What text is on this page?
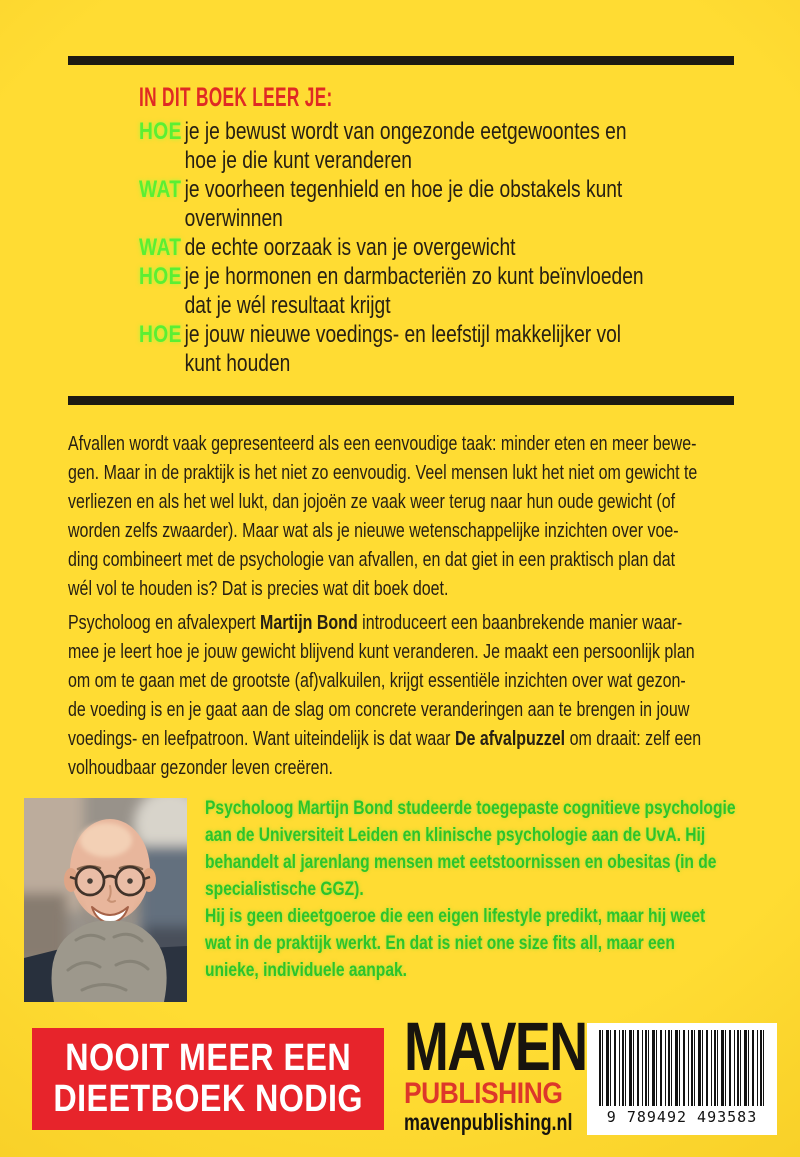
IN DIT BOEK LEER JE:
HOE je je bewust wordt van ongezonde eetgewoontes en
hoe je die kunt veranderen
WAT je voorheen tegenhield en hoe je die obstakels kunt
overwinnen
WAT de echte oorzaak is van je overgewicht
HOE je je hormonen en darmbacteriën zo kunt beïnvloeden
dat je wél resultaat krijgt
HOE je jouw nieuwe voedings- en leefstijl makkelijker vol
kunt houden
Afvallen wordt vaak gepresenteerd als een eenvoudige taak: minder eten en meer bewe-
gen. Maar in de praktijk is het niet zo eenvoudig. Veel mensen lukt het niet om gewicht te
verliezen en als het wel lukt, dan jojoën ze vaak weer terug naar hun oude gewicht (of
worden zelfs zwaarder). Maar wat als je nieuwe wetenschappelijke inzichten over voe-
ding combineert met de psychologie van afvallen, en dat giet in een praktisch plan dat
wél vol te houden is? Dat is precies wat dit boek doet.
Psycholoog en afvalexpert Martijn Bond introduceert een baanbrekende manier waar-
mee je leert hoe je jouw gewicht blijvend kunt veranderen. Je maakt een persoonlijk plan
om om te gaan met de grootste (af)valkuilen, krijgt essentiële inzichten over wat gezon-
de voeding is en je gaat aan de slag om concrete veranderingen aan te brengen in jouw
voedings- en leefpatroon. Want uiteindelijk is dat waar De afvalpuzzel om draait: zelf een
volhoudbaar gezonder leven creëren.
Psycholoog Martijn Bond studeerde toegepaste cognitieve psychologie
aan de Universiteit Leiden en klinische psychologie aan de UvA. Hij
behandelt al jarenlang mensen met eetstoornissen en obesitas (in de
specialistische GGZ).
Hij is geen dieetgoeroe die een eigen lifestyle predikt, maar hij weet
wat in de praktijk werkt. En dat is niet one size fits all, maar een
unieke, individuele aanpak.
NOOIT MEER EEN
DIEETBOEK NODIG
MAVEN
PUBLISHING
mavenpublishing.nl	9 789492 493583
